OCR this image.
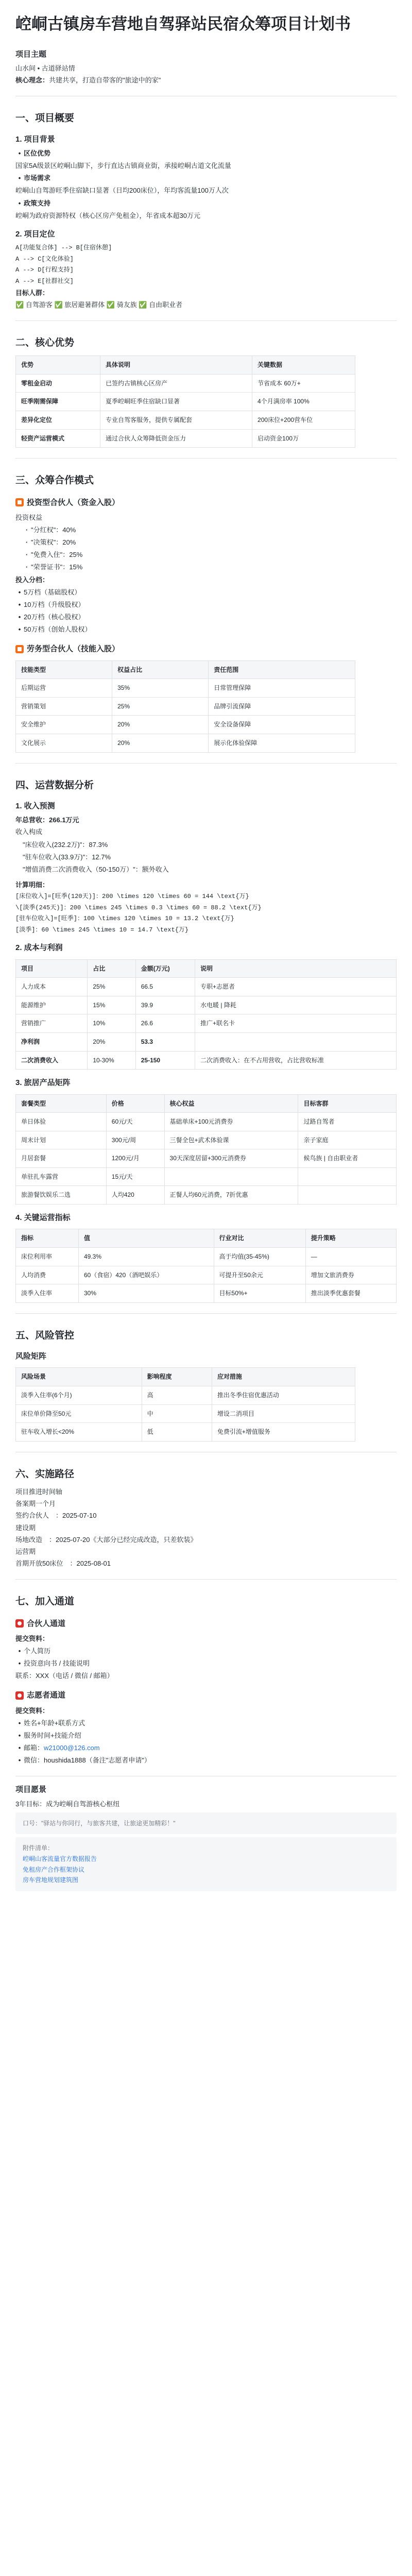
崆峒古镇房车营地自驾驿站民宿众筹项目计划书
项目主题
山水间 • 古道驿站情
核心理念：共建共享，打造自带客的"旅途中的家"
一、项目概要
1. 项目背景
• 区位优势
国家5A级景区崆峒山脚下，步行直达古镇商业街，承接崆峒古道文化流量
• 市场需求
崆峒山自驾游旺季住宿缺口显著（日均200床位），年均客流量100万人次
• 政策支持
崆峒为政府资源特权（核心区房产免租金），年省成本超30万元
2. 项目定位
A[功能复合体] --> B[住宿休憩]
A --> C[文化体验]
A --> D[行程支持]
A --> E[社群社交]
目标人群：
✅ 自驾游客 ✅ 旅居避暑群体 ✅ 骑友族 ✅ 自由职业者
二、核心优势
优势	具体说明	关键数据
零租金启动	已签约古镇核心区房产	节省成本 60万+
旺季刚需保障	夏季崆峒旺季住宿缺口显著	4个月满房率 100%
差异化定位	专业自驾客服务，提供专属配套	200床位+200营车位
轻资产运营模式	通过合伙人众筹降低资金压力	启动资金100万
三、众筹合作模式
投资型合伙人（资金入股）
投资权益
· "分红权"：40%
· "决策权"：20%
· "免费入住"：25%
· "荣誉证书"：15%
投入分档：
• 5万档（基础股权）
• 10万档（升级股权）
• 20万档（核心股权）
• 50万档（创始人股权）
劳务型合伙人（技能入股）
技能类型	权益占比	责任范围
后期运营	35%	日常管理保障
营销策划	25%	品牌引流保障
安全维护	20%	安全设备保障
文化展示	20%	展示化体验保障
四、运营数据分析
1. 收入预测
年总营收：266.1万元
收入构成
"床位收入(232.2万)"：87.3%
"驻车位收入(33.9万)"：12.7%
"增值消费二次消费收入（50-150万）"：额外收入
计算明细：
[床位收入]=[旺季(120天)]：200 \times 120 \times 60 = 144 \text{万}
\[淡季(245天)]：200 \times 245 \times 0.3 \times 60 = 88.2 \text{万}
[驻车位收入]=[旺季]：100 \times 120 \times 10 = 13.2 \text{万}
[淡季]：60 \times 245 \times 10 = 14.7 \text{万}
2. 成本与利润
项目	占比	金额(万元)	说明
人力成本	25%	66.5	专职+志愿者
能源维护	15%	39.9	水电暖 | 降耗
营销推广	10%	26.6	推广+联名卡
净利润	20%	53.3	
二次消费收入	10-30%	25-150	二次消费收入：在不占用营收，占比营收标准
3. 旅居产品矩阵
套餐类型	价格	核心权益	目标客群
单日体验	60元/天	基础单床+100元消费券	过路自驾者
周末计划	300元/周	三餐全包+武术体验课	亲子家庭
月居套餐	1200元/月	30天深度居留+300元消费券	候鸟族 | 自由职业者
单驻扎车露营	15元/天		
旅游餐饮娱乐二选	人均420	正餐人均60元消费，7折优惠	
4. 关键运营指标
指标	值	行业对比	提升策略
床位利用率	49.3%	高于均值(35-45%)	—
人均消费	60（食宿）420（酒吧娱乐）	可提升至50余元	增加文旅消费券
淡季入住率	30%	目标50%+	推出淡季优惠套餐
五、风险管控
风险矩阵
风险场景	影响程度	应对措施
淡季入住率(6个月)	高	推出冬季住宿优惠活动
床位单价降至50元	中	增设二消项目
驻车收入增长<20%	低	免费引流+增值服务
六、实施路径
项目推进时间轴
备案期一个月
签约合伙人　：2025-07-10
建设期
场地改造　：2025-07-20《大部分已经完成改造，只差软装》
运营期
首期开放50床位　：2025-08-01
七、加入通道
合伙人通道
提交资料：
• 个人简历
• 投资意向书 / 技能说明
联系：XXX（电话 / 微信 / 邮箱）
志愿者通道
提交资料：
• 姓名+年龄+联系方式
• 服务时间+技能介绍
• 邮箱： w21000@126.com
• 微信： houshida1888（备注"志愿者申请"）
项目愿景
3年目标：成为崆峒自驾游核心枢纽
口号："驿站与你同行，与旅客共建，让旅途更加精彩！"
附件清单：
崆峒山客流量官方数据报告
免租房产合作框架协议
房车营地规划建筑图
